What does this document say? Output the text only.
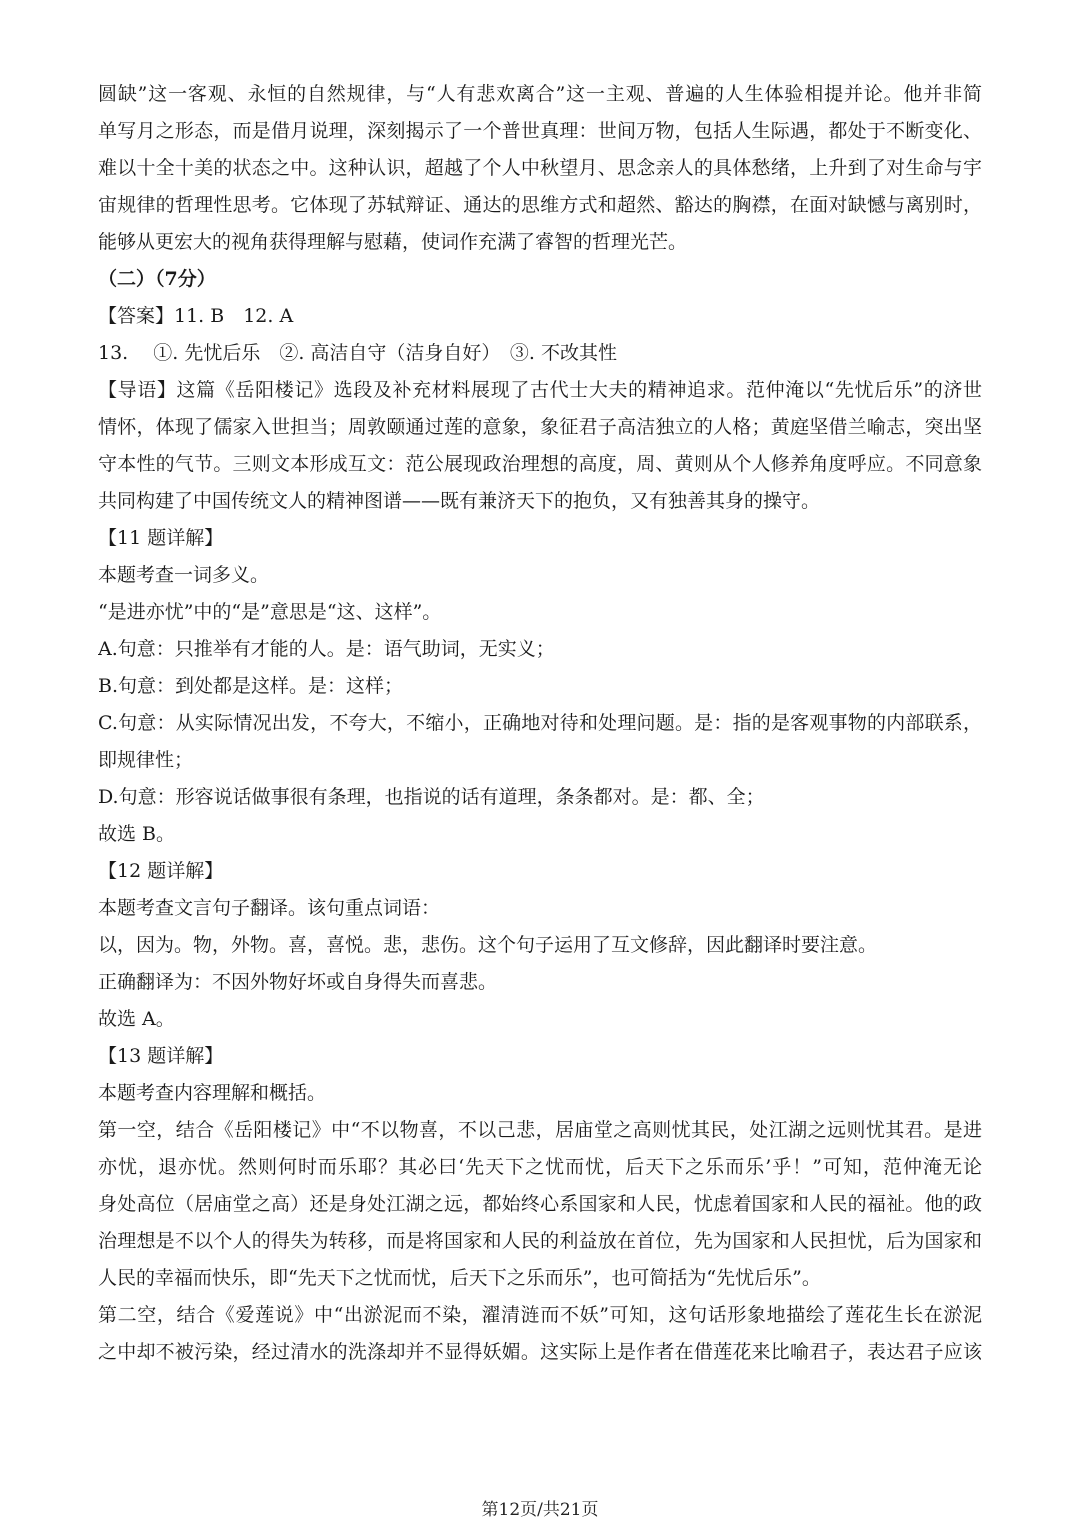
圆缺”这一客观、永恒的自然规律，与“人有悲欢离合”这一主观、普遍的人生体验相提并论。他并非简
单写月之形态，而是借月说理，深刻揭示了一个普世真理：世间万物，包括人生际遇，都处于不断变化、
难以十全十美的状态之中。这种认识，超越了个人中秋望月、思念亲人的具体愁绪，上升到了对生命与宇
宙规律的哲理性思考。它体现了苏轼辩证、通达的思维方式和超然、豁达的胸襟，在面对缺憾与离别时，
能够从更宏大的视角获得理解与慰藉，使词作充满了睿智的哲理光芒。
（二）（7分）
【答案】11. B　12. A
13.　 ①. 先忧后乐　②. 高洁自守（洁身自好）　③. 不改其性
【导语】这篇《岳阳楼记》选段及补充材料展现了古代士大夫的精神追求。范仲淹以“先忧后乐”的济世
情怀，体现了儒家入世担当；周敦颐通过莲的意象，象征君子高洁独立的人格；黄庭坚借兰喻志，突出坚
守本性的气节。三则文本形成互文：范公展现政治理想的高度，周、黄则从个人修养角度呼应。不同意象
共同构建了中国传统文人的精神图谱——既有兼济天下的抱负，又有独善其身的操守。
【11 题详解】
本题考查一词多义。
“是进亦忧”中的“是”意思是“这、这样”。
A.句意：只推举有才能的人。是：语气助词，无实义；
B.句意：到处都是这样。是：这样；
C.句意：从实际情况出发，不夸大，不缩小，正确地对待和处理问题。是：指的是客观事物的内部联系，
即规律性；
D.句意：形容说话做事很有条理，也指说的话有道理，条条都对。是：都、全；
故选 B。
【12 题详解】
本题考查文言句子翻译。该句重点词语：
以，因为。物，外物。喜，喜悦。悲，悲伤。这个句子运用了互文修辞，因此翻译时要注意。
正确翻译为：不因外物好坏或自身得失而喜悲。
故选 A。
【13 题详解】
本题考查内容理解和概括。
第一空，结合《岳阳楼记》中“不以物喜，不以己悲，居庙堂之高则忧其民，处江湖之远则忧其君。是进
亦忧，退亦忧。然则何时而乐耶？其必曰‘先天下之忧而忧，后天下之乐而乐’乎！”可知，范仲淹无论
身处高位（居庙堂之高）还是身处江湖之远，都始终心系国家和人民，忧虑着国家和人民的福祉。他的政
治理想是不以个人的得失为转移，而是将国家和人民的利益放在首位，先为国家和人民担忧，后为国家和
人民的幸福而快乐，即“先天下之忧而忧，后天下之乐而乐”，也可简括为“先忧后乐”。
第二空，结合《爱莲说》中“出淤泥而不染，濯清涟而不妖”可知，这句话形象地描绘了莲花生长在淤泥
之中却不被污染，经过清水的洗涤却并不显得妖媚。这实际上是作者在借莲花来比喻君子，表达君子应该
第12页/共21页
